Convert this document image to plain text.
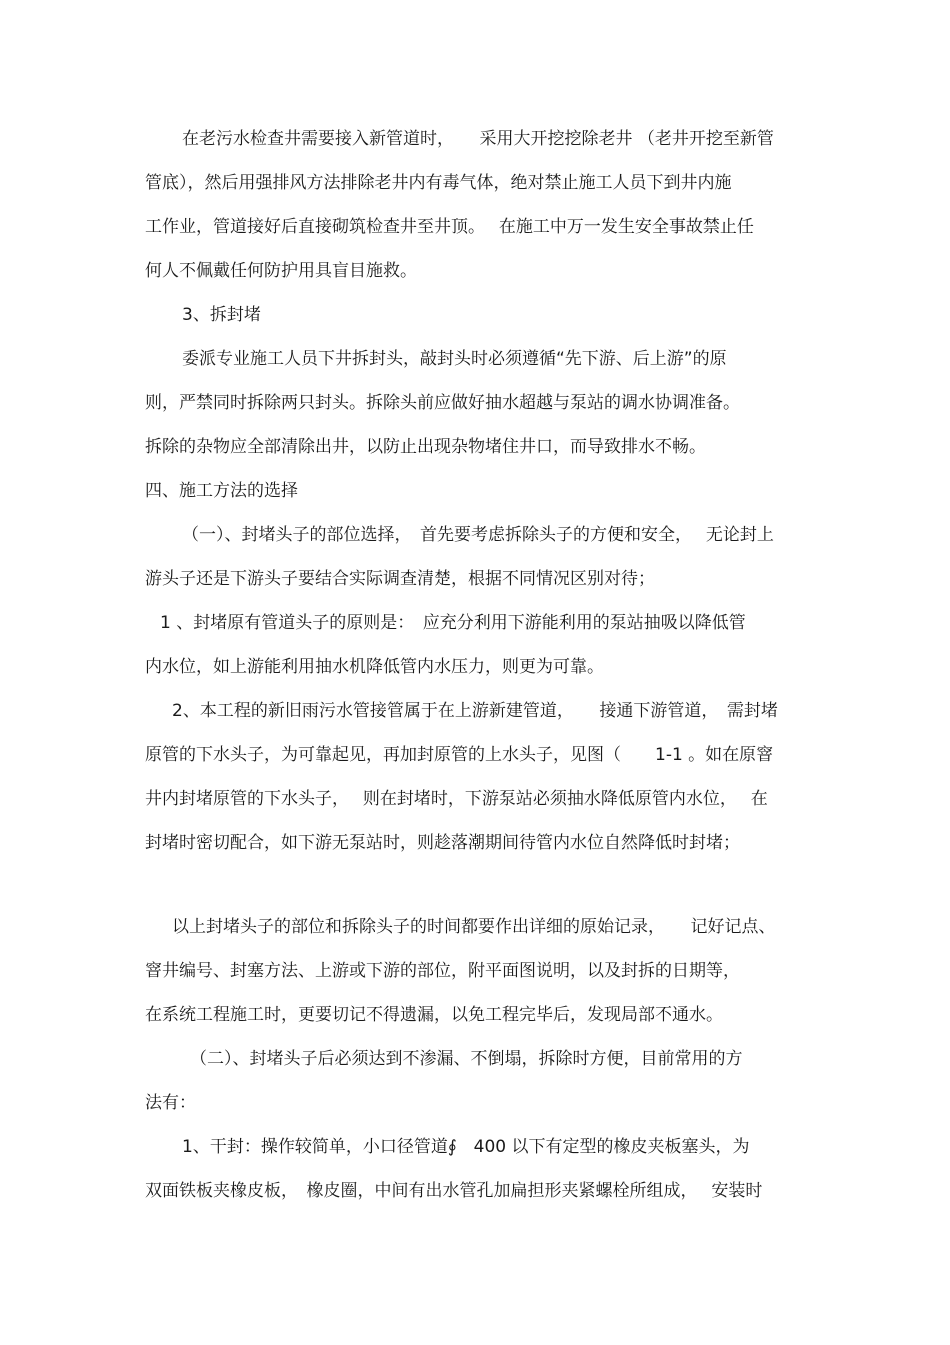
在老污水检查井需要接入新管道时，　　采用大开挖挖除老井 （老井开挖至新管
管底），然后用强排风方法排除老井内有毒气体，绝对禁止施工人员下到井内施
工作业，管道接好后直接砌筑检查井至井顶。　 在施工中万一发生安全事故禁止任
何人不佩戴任何防护用具盲目施救。
3、拆封堵
委派专业施工人员下井拆封头，敲封头时必须遵循“先下游、后上游”的原
则，严禁同时拆除两只封头。拆除头前应做好抽水超越与泵站的调水协调准备。
拆除的杂物应全部清除出井，以防止出现杂物堵住井口，而导致排水不畅。
四、施工方法的选择
（一）、封堵头子的部位选择，　首先要考虑拆除头子的方便和安全，　 无论封上
游头子还是下游头子要结合实际调查清楚，根据不同情况区别对待；
1 、封堵原有管道头子的原则是：　应充分利用下游能利用的泵站抽吸以降低管
内水位，如上游能利用抽水机降低管内水压力，则更为可靠。
2、本工程的新旧雨污水管接管属于在上游新建管道，　　接通下游管道，　需封堵
原管的下水头子，为可靠起见，再加封原管的上水头子，见图（　　1-1 。如在原窨
井内封堵原管的下水头子，　 则在封堵时，下游泵站必须抽水降低原管内水位，　 在
封堵时密切配合，如下游无泵站时，则趁落潮期间待管内水位自然降低时封堵；
以上封堵头子的部位和拆除头子的时间都要作出详细的原始记录，　　记好记点、
窨井编号、封塞方法、上游或下游的部位，附平面图说明，以及封拆的日期等，
在系统工程施工时，更要切记不得遗漏，以免工程完毕后，发现局部不通水。
（二）、封堵头子后必须达到不渗漏、不倒塌，拆除时方便，目前常用的方
法有：
1、干封：操作较简单，小口径管道∮　400 以下有定型的橡皮夹板塞头，为
双面铁板夹橡皮板，　橡皮圈，中间有出水管孔加扁担形夹紧螺栓所组成，　 安装时
